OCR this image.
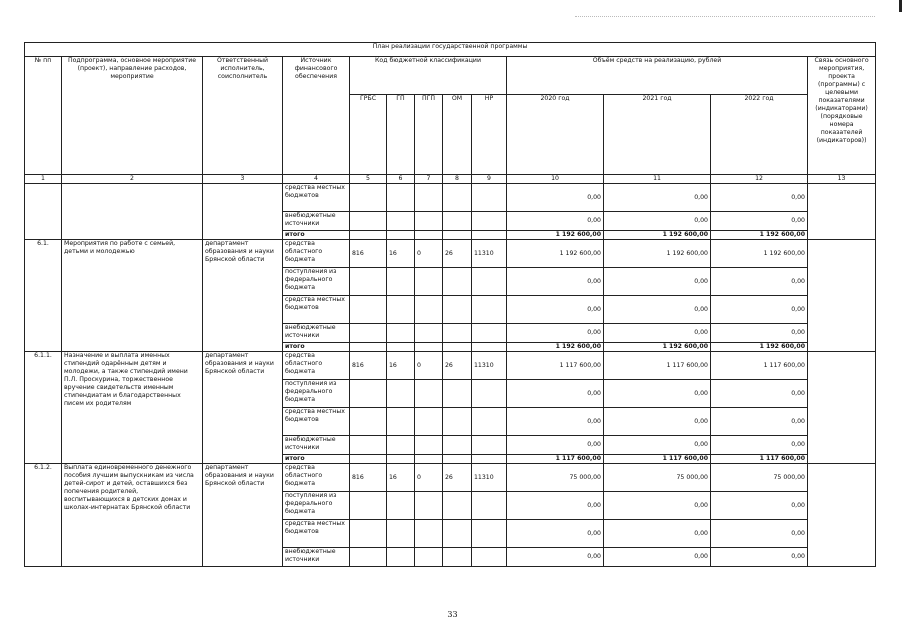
План реализации государственной программы												
№ пп	Подпрограмма, основное мероприятие (проект), направление расходов, мероприятие	Ответственный исполнитель, соисполнитель	Источник финансового обеспечения	Код бюджетной классификации					Объём средств на реализацию, рублей			Связь основного мероприятия, проекта (программы) с целевыми показателями (индикаторами) (порядковые номера показателей (индикаторов))
				ГРБС	ГП	ПГП	ОМ	НР	2020 год	2021 год	2022 год	
1	2	3	4	5	6	7	8	9	10	11	12	13
			средства местных бюджетов						0,00	0,00	0,00	
			внебюджетные источники						0,00	0,00	0,00	
			итого						1 192 600,00	1 192 600,00	1 192 600,00	
6.1.	Мероприятия по работе с семьей, детьми и молодежью	департамент образования и науки Брянской области	средства областного бюджета	816	16	0	26	11310	1 192 600,00	1 192 600,00	1 192 600,00	
			поступления из федерального бюджета						0,00	0,00	0,00	
			средства местных бюджетов						0,00	0,00	0,00	
			внебюджетные источники						0,00	0,00	0,00	
			итого						1 192 600,00	1 192 600,00	1 192 600,00	
6.1.1.	Назначение и выплата именных стипендий одарённым детям и молодежи, а также стипендий имени П.Л. Проскурина, торжественное вручение свидетельств именным стипендиатам и благодарственных писем их родителям	департамент образования и науки Брянской области	средства областного бюджета	816	16	0	26	11310	1 117 600,00	1 117 600,00	1 117 600,00	
			поступления из федерального бюджета						0,00	0,00	0,00	
			средства местных бюджетов						0,00	0,00	0,00	
			внебюджетные источники						0,00	0,00	0,00	
			итого						1 117 600,00	1 117 600,00	1 117 600,00	
6.1.2.	Выплата единовременного денежного пособия лучшим выпускникам из числа детей-сирот и детей, оставшихся без попечения родителей, воспитывающихся в детских домах и школах-интернатах Брянской области	департамент образования и науки Брянской области	средства областного бюджета	816	16	0	26	11310	75 000,00	75 000,00	75 000,00	
			поступления из федерального бюджета						0,00	0,00	0,00	
			средства местных бюджетов						0,00	0,00	0,00	
			внебюджетные источники						0,00	0,00	0,00	
33
